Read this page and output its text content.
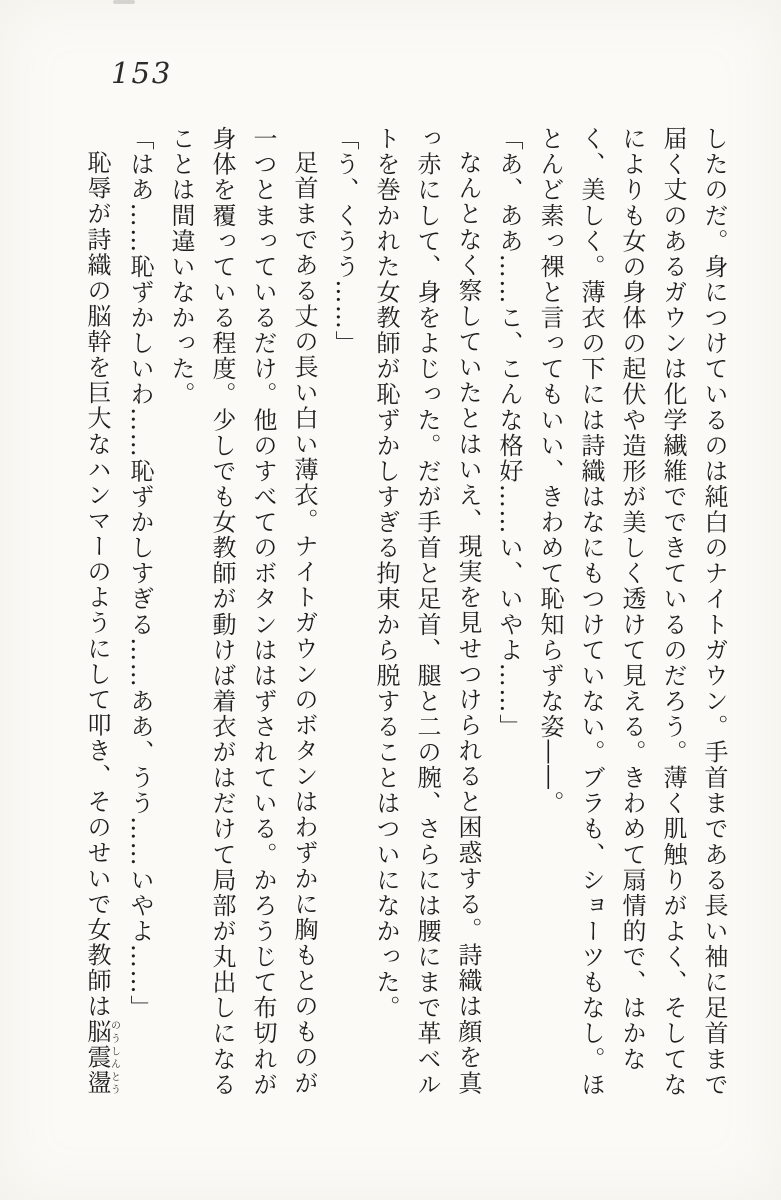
153

したのだ。身につけているのは純白のナイトガウン。手首まである長い袖に足首まで届く丈のあるガウンは化学繊維でできているのだろう。薄く肌触りがよく、そしてなによりも女の身体の起伏や造形が美しく透けて見える。きわめて扇情的で、はかなく、美しく。薄衣の下には詩織はなにもつけていない。ブラも、ショーツもなし。ほとんど素っ裸と言ってもいい、きわめて恥知らずな姿――。

「あ、ああ……こ、こんな格好……い、いやよ……」

なんとなく察していたとはいえ、現実を見せつけられると困惑する。詩織は顔を真っ赤にして、身をよじった。だが手首と足首、腿と二の腕、さらには腰にまで革ベルトを巻かれた女教師が恥ずかしすぎる拘束から脱することはついになかった。

「う、くうう……」

足首まである丈の長い白い薄衣。ナイトガウンのボタンはわずかに胸もとのものが一つとまっているだけ。他のすべてのボタンははずされている。かろうじて布切れが身体を覆っている程度。少しでも女教師が動けば着衣がはだけて局部が丸出しになることは間違いなかった。

「はあ……恥ずかしいわ……恥ずかしすぎる……ああ、うう……いやよ……」

恥辱が詩織の脳幹を巨大なハンマーのようにして叩き、そのせいで女教師は脳震盪のうしんとう
